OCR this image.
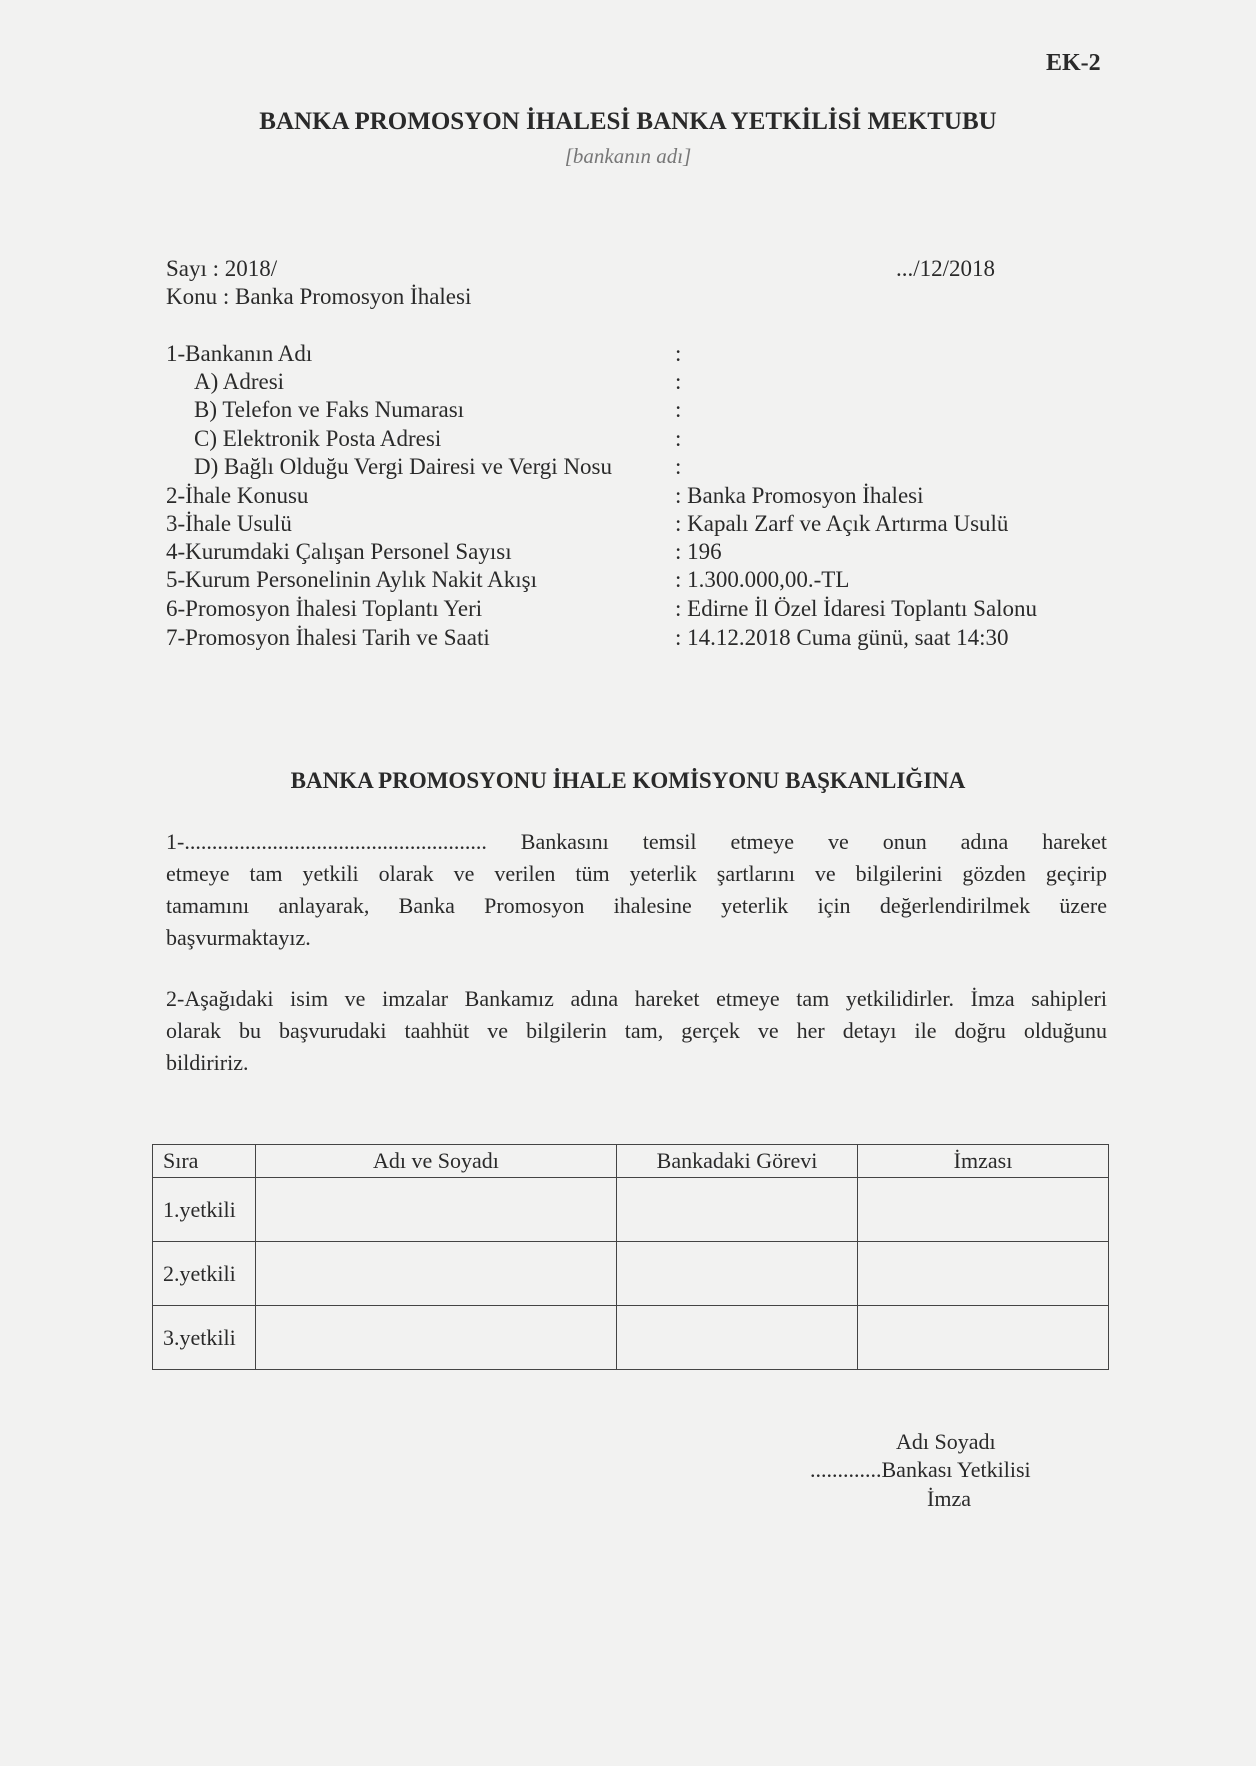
EK-2
BANKA PROMOSYON İHALESİ BANKA YETKİLİSİ MEKTUBU
[bankanın adı]
Sayı : 2018/	.../12/2018
Konu : Banka Promosyon İhalesi
1-Bankanın Adı	:
A) Adresi	:
B) Telefon ve Faks Numarası	:
C) Elektronik Posta Adresi	:
D) Bağlı Olduğu Vergi Dairesi ve Vergi Nosu	:
2-İhale Konusu	: Banka Promosyon İhalesi
3-İhale Usulü	: Kapalı Zarf ve Açık Artırma Usulü
4-Kurumdaki Çalışan Personel Sayısı	: 196
5-Kurum Personelinin Aylık Nakit Akışı	: 1.300.000,00.-TL
6-Promosyon İhalesi Toplantı Yeri	: Edirne İl Özel İdaresi Toplantı Salonu
7-Promosyon İhalesi Tarih ve Saati	: 14.12.2018 Cuma günü, saat 14:30
BANKA PROMOSYONU İHALE KOMİSYONU BAŞKANLIĞINA
1-....................................................... Bankasını temsil etmeye ve onun adına hareket
etmeye tam yetkili olarak ve verilen tüm yeterlik şartlarını ve bilgilerini gözden geçirip
tamamını anlayarak, Banka Promosyon ihalesine yeterlik için değerlendirilmek üzere
başvurmaktayız.
2-Aşağıdaki isim ve imzalar Bankamız adına hareket etmeye tam yetkilidirler. İmza sahipleri
olarak bu başvurudaki taahhüt ve bilgilerin tam, gerçek ve her detayı ile doğru olduğunu
bildiririz.
Sıra	Adı ve Soyadı	Bankadaki Görevi	İmzası
1.yetkili			
2.yetkili			
3.yetkili			
Adı Soyadı
.............Bankası Yetkilisi
İmza
